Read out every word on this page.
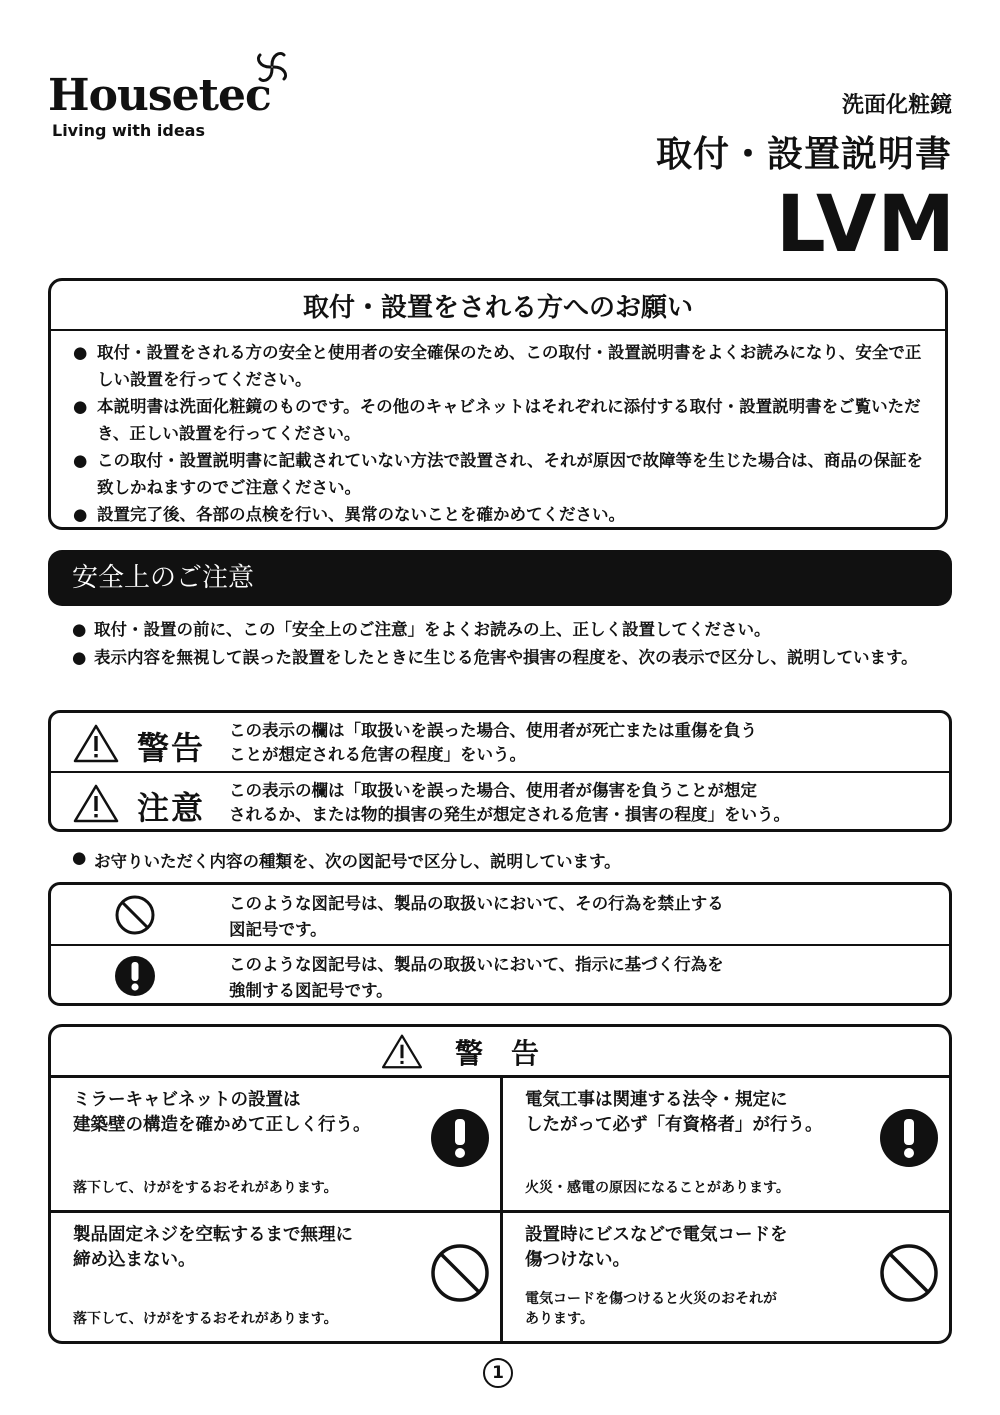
Housetec
Living with ideas
洗面化粧鏡
取付・設置説明書
LVM
取付・設置をされる方へのお願い
● 取付・設置をされる方の安全と使用者の安全確保のため、この取付・設置説明書をよくお読みになり、安全で正しい設置を行ってください。
● 本説明書は洗面化粧鏡のものです。その他のキャビネットはそれぞれに添付する取付・設置説明書をご覧いただき、正しい設置を行ってください。
● この取付・設置説明書に記載されていない方法で設置され、それが原因で故障等を生じた場合は、商品の保証を致しかねますのでご注意ください。
● 設置完了後、各部の点検を行い、異常のないことを確かめてください。
安全上のご注意
● 取付・設置の前に、この「安全上のご注意」をよくお読みの上、正しく設置してください。
● 表示内容を無視して誤った設置をしたときに生じる危害や損害の程度を、次の表示で区分し、説明しています。
警告 この表示の欄は「取扱いを誤った場合、使用者が死亡または重傷を負う
ことが想定される危害の程度」をいう。
注意 この表示の欄は「取扱いを誤った場合、使用者が傷害を負うことが想定
されるか、または物的損害の発生が想定される危害・損害の程度」をいう。
● お守りいただく内容の種類を、次の図記号で区分し、説明しています。
このような図記号は、製品の取扱いにおいて、その行為を禁止する
図記号です。
このような図記号は、製品の取扱いにおいて、指示に基づく行為を
強制する図記号です。
警告
ミラーキャビネットの設置は
建築壁の構造を確かめて正しく行う。
落下して、けがをするおそれがあります。
電気工事は関連する法令・規定に
したがって必ず「有資格者」が行う。
火災・感電の原因になることがあります。
製品固定ネジを空転するまで無理に
締め込まない。
落下して、けがをするおそれがあります。
設置時にビスなどで電気コードを
傷つけない。
電気コードを傷つけると火災のおそれが
あります。
1
